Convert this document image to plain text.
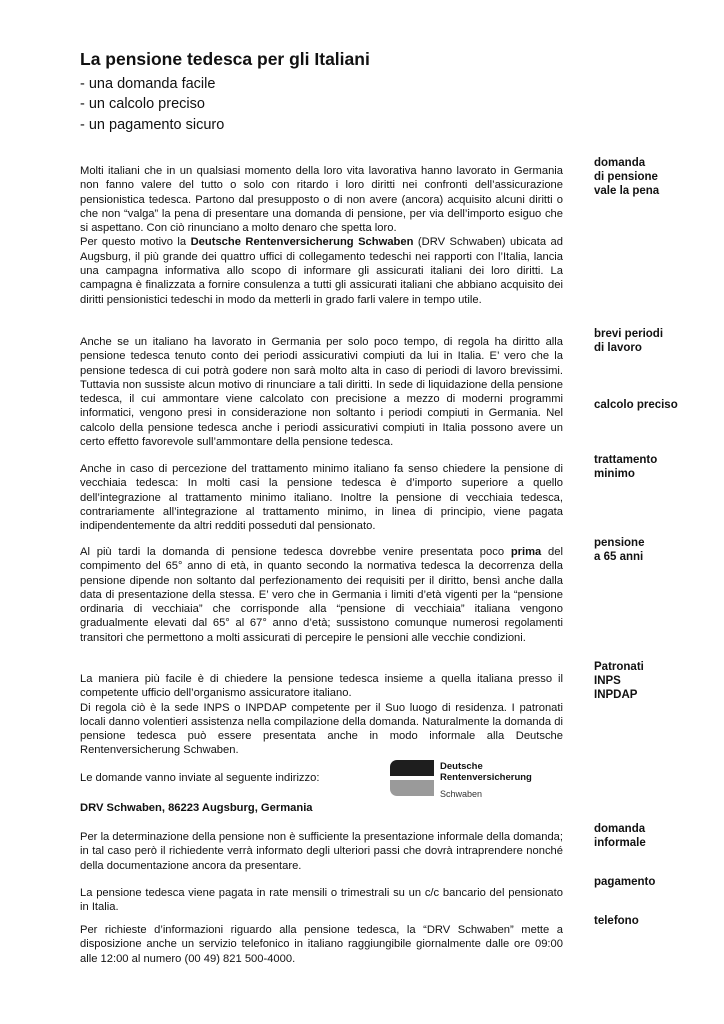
La pensione tedesca per gli Italiani
- una domanda facile
- un calcolo preciso
- un pagamento sicuro

Molti italiani che in un qualsiasi momento della loro vita lavorativa hanno lavorato in Germania non fanno valere del tutto o solo con ritardo i loro diritti nei confronti dell’assicurazione pensionistica tedesca. Partono dal presupposto o di non avere (ancora) acquisito alcuni diritti o che non “valga” la pena di presentare una domanda di pensione, per via dell’importo esiguo che si aspettano. Con ciò rinunciano a molto denaro che spetta loro.

Per questo motivo la Deutsche Rentenversicherung Schwaben (DRV Schwaben) ubicata ad Augsburg, il più grande dei quattro uffici di collegamento tedeschi nei rapporti con l’Italia, lancia una campagna informativa allo scopo di informare gli assicurati italiani dei loro diritti. La campagna è finalizzata a fornire consulenza a tutti gli assicurati italiani che abbiano acquisito dei diritti pensionistici tedeschi in modo da metterli in grado farli valere in tempo utile.

Anche se un italiano ha lavorato in Germania per solo poco tempo, di regola ha diritto alla pensione tedesca tenuto conto dei periodi assicurativi compiuti da lui in Italia. E’ vero che la pensione tedesca di cui potrà godere non sarà molto alta in caso di periodi di lavoro brevissimi. Tuttavia non sussiste alcun motivo di rinunciare a tali diritti. In sede di liquidazione della pensione tedesca, il cui ammontare viene calcolato con precisione a mezzo di moderni programmi informatici, vengono presi in considerazione non soltanto i periodi compiuti in Germania. Nel calcolo della pensione tedesca anche i periodi assicurativi compiuti in Italia possono avere un certo effetto favorevole sull’ammontare della pensione tedesca.
Anche in caso di percezione del trattamento minimo italiano fa senso chiedere la pensione di vecchiaia tedesca: In molti casi la pensione tedesca è d’importo superiore a quello dell’integrazione al trattamento minimo italiano. Inoltre la pensione di vecchiaia tedesca, contrariamente all’integrazione al trattamento minimo, in linea di principio, viene pagata indipendentemente da altri redditi posseduti dal pensionato.
Al più tardi la domanda di pensione tedesca dovrebbe venire presentata poco prima del compimento del 65° anno di età, in quanto secondo la normativa tedesca la decorrenza della pensione dipende non soltanto dal perfezionamento dei requisiti per il diritto, bensì anche dalla data di presentazione della stessa. E’ vero che in Germania i limiti d’età vigenti per la “pensione ordinaria di vecchiaia” che corrisponde alla “pensione di vecchiaia” italiana vengono gradualmente elevati dal 65° al 67° anno d’età; sussistono comunque numerosi regolamenti transitori che permettono a molti assicurati di percepire le pensioni alle vecchie condizioni.

La maniera più facile è di chiedere la pensione tedesca insieme a quella italiana presso il competente ufficio dell’organismo assicuratore italiano.

Di regola ciò è la sede INPS o INPDAP competente per il Suo luogo di residenza. I patronati locali danno volentieri assistenza nella compilazione della domanda. Naturalmente la domanda di pensione tedesca può essere presentata anche in modo informale alla Deutsche Rentenversicherung Schwaben.

Le domande vanno inviate al seguente indirizzo:
Deutsche
Rentenversicherung
Schwaben
DRV Schwaben, 86223 Augsburg, Germania
Per la determinazione della pensione non è sufficiente la presentazione informale della domanda; in tal caso però il richiedente verrà informato degli ulteriori passi che dovrà intraprendere nonché della documentazione ancora da presentare.
La pensione tedesca viene pagata in rate mensili o trimestrali su un c/c bancario del pensionato in Italia.
Per richieste d’informazioni riguardo alla pensione tedesca, la “DRV Schwaben” mette a disposizione anche un servizio telefonico in italiano raggiungibile giornalmente dalle ore 09:00 alle 12:00 al numero (00 49) 821 500-4000.
domanda
di pensione
vale la pena
brevi periodi
di lavoro
calcolo preciso
trattamento
minimo
pensione
a 65 anni
Patronati
INPS
INPDAP
domanda
informale
pagamento
telefono
